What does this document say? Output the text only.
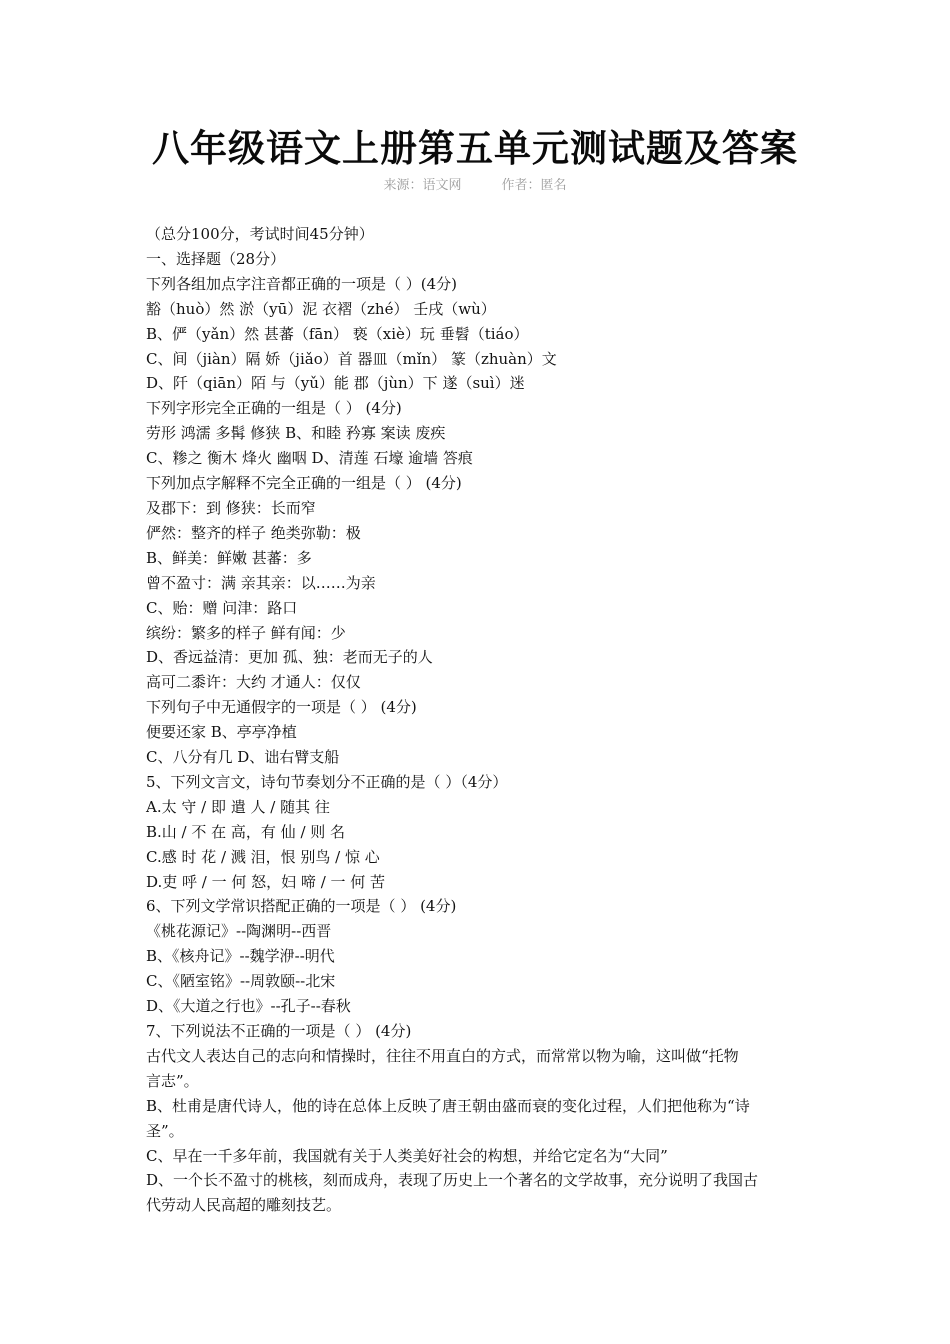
八年级语文上册第五单元测试题及答案
来源：语文网	作者：匿名
（总分100分，考试时间45分钟）
一、选择题（28分）
下列各组加点字注音都正确的一项是（ ）(4分)
豁（huò）然 淤（yū）泥 衣褶（zhé） 壬戌（wù）
B、俨（yǎn）然 甚蕃（fān） 亵（xiè）玩 垂髫（tiáo）
C、间（jiàn）隔 娇（jiǎo）首 器皿（mǐn） 篆（zhuàn）文
D、阡（qiān）陌 与（yǔ）能 郡（jùn）下 遂（suì）迷
下列字形完全正确的一组是（ ） (4分)
劳形 鸿濡 多髯 修狭 B、和睦 矜寡 案读 废疾
C、糁之 衡木 烽火 幽咽 D、清莲 石壕 逾墙 答痕
下列加点字解释不完全正确的一组是（ ） (4分)
及郡下：到 修狭：长而窄
俨然：整齐的样子 绝类弥勒：极
B、鲜美：鲜嫩 甚蕃：多
曾不盈寸：满 亲其亲：以……为亲
C、贻：赠 问津：路口
缤纷：繁多的样子 鲜有闻：少
D、香远益清：更加 孤、独：老而无子的人
高可二黍许：大约 才通人：仅仅
下列句子中无通假字的一项是（ ） (4分)
便要还家 B、亭亭净植
C、八分有几 D、诎右臂支船
5、下列文言文，诗句节奏划分不正确的是（ ）（4分）
A.太 守 / 即 遣 人 / 随其 往
B.山 / 不 在 高，有 仙 / 则 名
C.感 时 花 / 溅 泪，恨 别鸟 / 惊 心
D.吏 呼 / 一 何 怒，妇 啼 / 一 何 苦
6、下列文学常识搭配正确的一项是（ ） (4分)
《桃花源记》--陶渊明--西晋
B、《核舟记》--魏学洢--明代
C、《陋室铭》--周敦颐--北宋
D、《大道之行也》--孔子--春秋
7、下列说法不正确的一项是（ ） (4分)
古代文人表达自己的志向和情操时，往往不用直白的方式，而常常以物为喻，这叫做“托物
言志”。
B、杜甫是唐代诗人，他的诗在总体上反映了唐王朝由盛而衰的变化过程，人们把他称为“诗
圣”。
C、早在一千多年前，我国就有关于人类美好社会的构想，并给它定名为“大同”
D、一个长不盈寸的桃核，刻而成舟，表现了历史上一个著名的文学故事，充分说明了我国古
代劳动人民高超的雕刻技艺。
